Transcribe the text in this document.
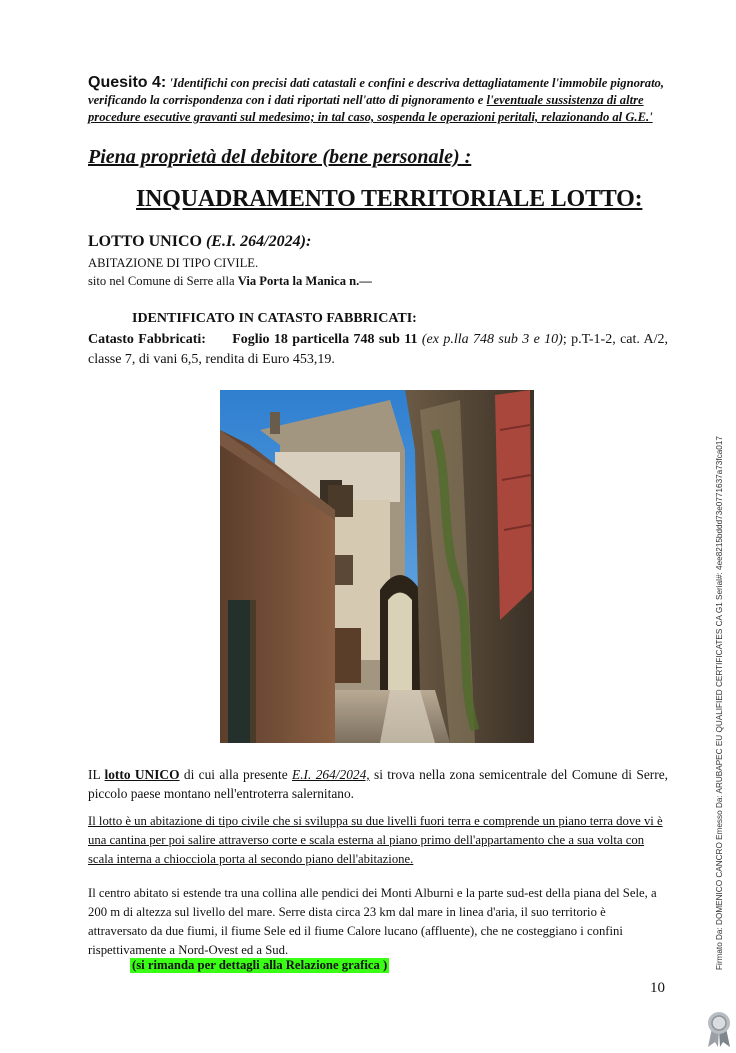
Quesito 4: 'Identifichi con precisi dati catastali e confini e descriva dettagliatamente l'immobile pignorato, verificando la corrispondenza con i dati riportati nell'atto di pignoramento e l'eventuale sussistenza di altre procedure esecutive gravanti sul medesimo; in tal caso, sospenda le operazioni peritali, relazionando al G.E.'
Piena proprietà del debitore (bene personale) :
INQUADRAMENTO TERRITORIALE LOTTO:
LOTTO UNICO (E.I. 264/2024):
ABITAZIONE DI TIPO CIVILE.
sito nel Comune di Serre alla Via Porta la Manica n.—
IDENTIFICATO IN CATASTO FABBRICATI:
Catasto Fabbricati: Foglio 18 particella 748 sub 11 (ex p.lla 748 sub 3 e 10); p.T-1-2, cat. A/2, classe 7, di vani 6,5, rendita di Euro 453,19.
IL lotto UNICO di cui alla presente E.I. 264/2024, si trova nella zona semicentrale del Comune di Serre, piccolo paese montano nell'entroterra salernitano.
Il lotto è un abitazione di tipo civile che si sviluppa su due livelli fuori terra e comprende un piano terra dove vi è una cantina per poi salire attraverso corte e scala esterna al piano primo dell'appartamento che a sua volta con scala interna a chiocciola porta al secondo piano dell'abitazione.
Il centro abitato si estende tra una collina alle pendici dei Monti Alburni e la parte sud-est della piana del Sele, a 200 m di altezza sul livello del mare. Serre dista circa 23 km dal mare in linea d'aria, il suo territorio è attraversato da due fiumi, il fiume Sele ed il fiume Calore lucano (affluente), che ne costeggiano i confini rispettivamente a Nord-Ovest ed a Sud.
(si rimanda per dettagli alla Relazione grafica )
10
Firmato Da: DOMENICO CANCRO Emesso Da: ARUBAPEC EU QUALIFIED CERTIFICATES CA G1 Serial#: 4ee8215bddd73e0771637a73fca017
